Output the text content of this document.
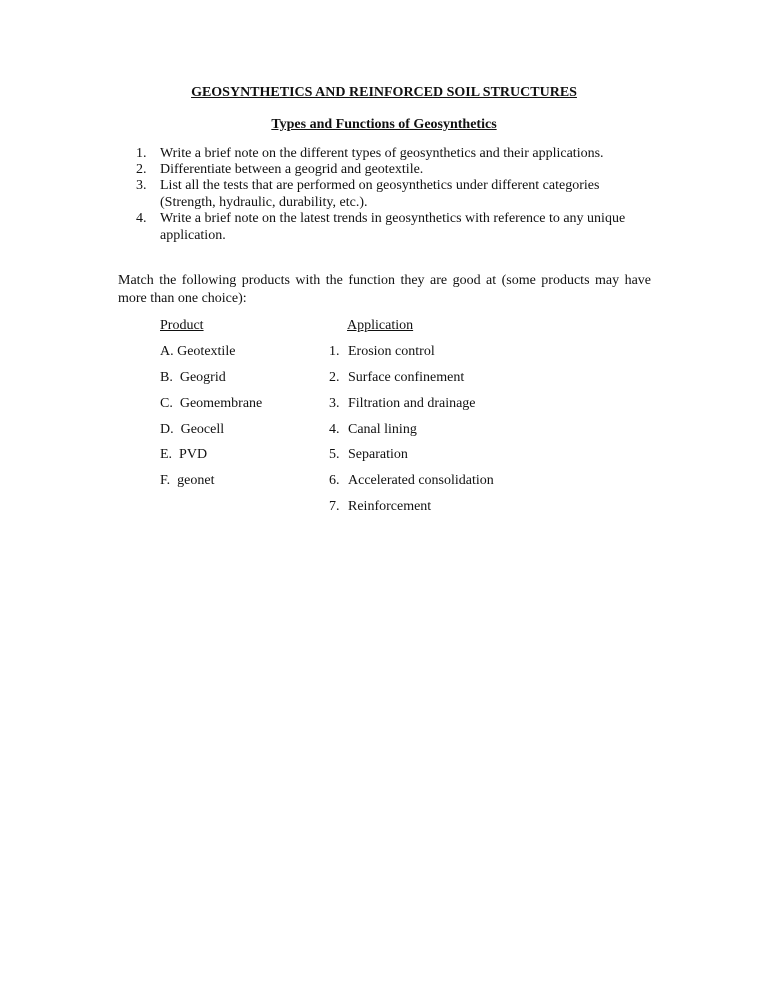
GEOSYNTHETICS AND REINFORCED SOIL STRUCTURES
Types and Functions of Geosynthetics
1. Write a brief note on the different types of geosynthetics and their applications.
2. Differentiate between a geogrid and geotextile.
3. List all the tests that are performed on geosynthetics under different categories (Strength, hydraulic, durability, etc.).
4. Write a brief note on the latest trends in geosynthetics with reference to any unique application.
Match the following products with the function they are good at (some products may have more than one choice):
Product	Application
A. Geotextile
B.  Geogrid
C.  Geomembrane
D.  Geocell
E.  PVD
F.  geonet
1. Erosion control
2. Surface confinement
3. Filtration and drainage
4. Canal lining
5. Separation
6. Accelerated consolidation
7. Reinforcement
